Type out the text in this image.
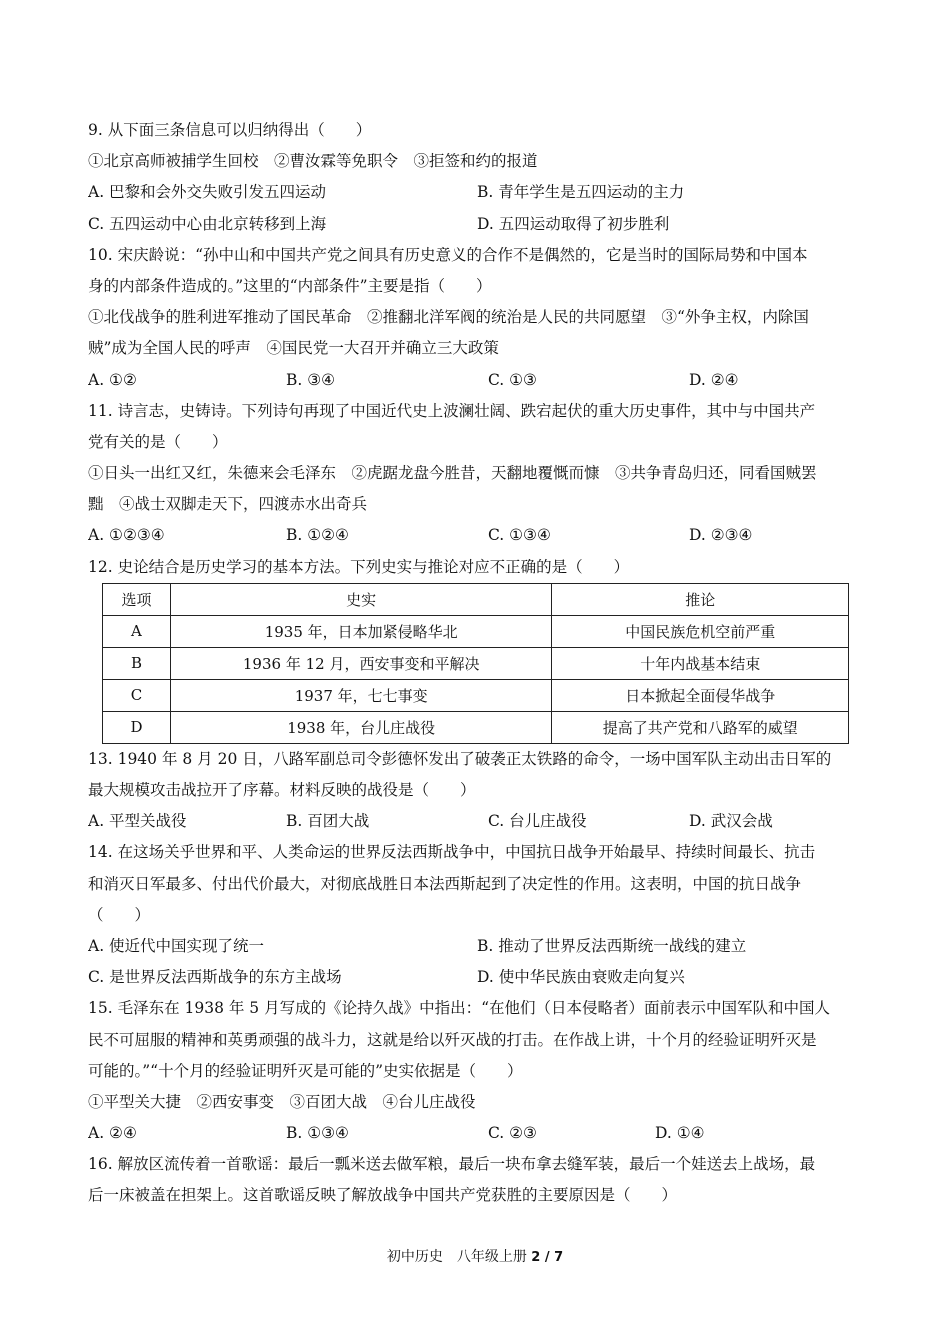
9. 从下面三条信息可以归纳得出（　　）
①北京高师被捕学生回校　②曹汝霖等免职令　③拒签和约的报道
A. 巴黎和会外交失败引发五四运动	B. 青年学生是五四运动的主力
C. 五四运动中心由北京转移到上海	D. 五四运动取得了初步胜利
10. 宋庆龄说：“孙中山和中国共产党之间具有历史意义的合作不是偶然的，它是当时的国际局势和中国本
身的内部条件造成的。”这里的“内部条件”主要是指（　　）
①北伐战争的胜利进军推动了国民革命　②推翻北洋军阀的统治是人民的共同愿望　③“外争主权，内除国
贼”成为全国人民的呼声　④国民党一大召开并确立三大政策
A. ①②	B. ③④	C. ①③	D. ②④
11. 诗言志，史铸诗。下列诗句再现了中国近代史上波澜壮阔、跌宕起伏的重大历史事件，其中与中国共产
党有关的是（　　）
①日头一出红又红，朱德来会毛泽东　②虎踞龙盘今胜昔，天翻地覆慨而慷　③共争青岛归还，同看国贼罢
黜　④战士双脚走天下，四渡赤水出奇兵
A. ①②③④	B. ①②④	C. ①③④	D. ②③④
12. 史论结合是历史学习的基本方法。下列史实与推论对应不正确的是（　　）
选项	史实	推论
A	1935 年，日本加紧侵略华北	中国民族危机空前严重
B	1936 年 12 月，西安事变和平解决	十年内战基本结束
C	1937 年，七七事变	日本掀起全面侵华战争
D	1938 年，台儿庄战役	提高了共产党和八路军的威望
13. 1940 年 8 月 20 日，八路军副总司令彭德怀发出了破袭正太铁路的命令，一场中国军队主动出击日军的
最大规模攻击战拉开了序幕。材料反映的战役是（　　）
A. 平型关战役	B. 百团大战	C. 台儿庄战役	D. 武汉会战
14. 在这场关乎世界和平、人类命运的世界反法西斯战争中，中国抗日战争开始最早、持续时间最长、抗击
和消灭日军最多、付出代价最大，对彻底战胜日本法西斯起到了决定性的作用。这表明，中国的抗日战争
（　　）
A. 使近代中国实现了统一	B. 推动了世界反法西斯统一战线的建立
C. 是世界反法西斯战争的东方主战场	D. 使中华民族由衰败走向复兴
15. 毛泽东在 1938 年 5 月写成的《论持久战》中指出：“在他们（日本侵略者）面前表示中国军队和中国人
民不可屈服的精神和英勇顽强的战斗力，这就是给以歼灭战的打击。在作战上讲，十个月的经验证明歼灭是
可能的。”“十个月的经验证明歼灭是可能的”史实依据是（　　）
①平型关大捷　②西安事变　③百团大战　④台儿庄战役
A. ②④	B. ①③④	C. ②③	D. ①④
16. 解放区流传着一首歌谣：最后一瓢米送去做军粮，最后一块布拿去缝军装，最后一个娃送去上战场，最
后一床被盖在担架上。这首歌谣反映了解放战争中国共产党获胜的主要原因是（　　）
初中历史　八年级上册 2 / 7
